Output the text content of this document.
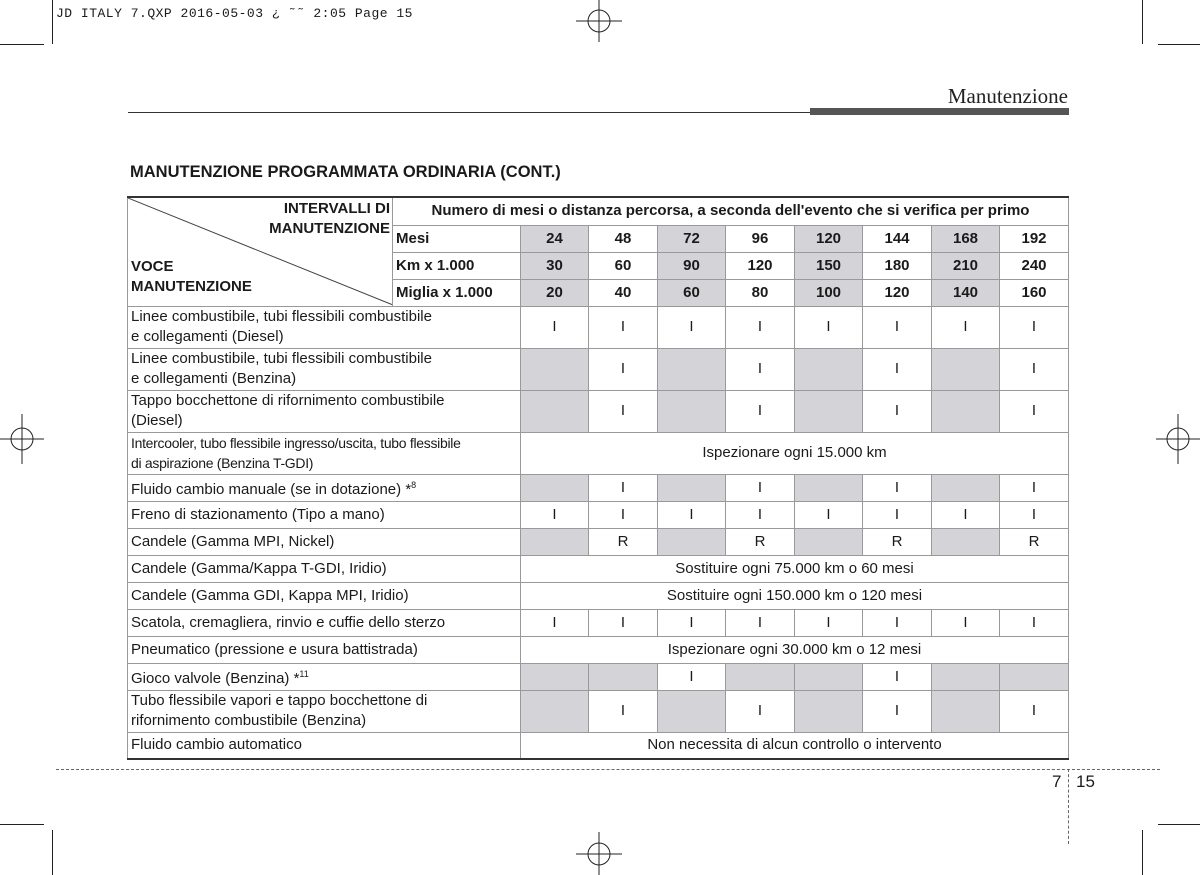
JD ITALY 7.QXP 2016-05-03 ¿ ˜˜ 2:05 Page 15
Manutenzione
MANUTENZIONE PROGRAMMATA ORDINARIA (CONT.)
INTERVALLI DI MANUTENZIONE
VOCE MANUTENZIONE	Numero di mesi o distanza percorsa, a seconda dell'evento che si verifica per primo								
	Mesi	24	48	72	96	120	144	168	192
	Km x 1.000	30	60	90	120	150	180	210	240
	Miglia x 1.000	20	40	60	80	100	120	140	160
Linee combustibile, tubi flessibili combustibile
e collegamenti (Diesel)		I	I	I	I	I	I	I	I
Linee combustibile, tubi flessibili combustibile
e collegamenti (Benzina)			I		I		I		I
Tappo bocchettone di rifornimento combustibile
(Diesel)			I		I		I		I
Intercooler, tubo flessibile ingresso/uscita, tubo flessibile
di aspirazione (Benzina T-GDI)		Ispezionare ogni 15.000 km							
Fluido cambio manuale (se in dotazione) *$^8$			I		I		I		I
Freno di stazionamento (Tipo a mano)		I	I	I	I	I	I	I	I
Candele (Gamma MPI, Nickel)			R		R		R		R
Candele (Gamma/Kappa T-GDI, Iridio)		Sostituire ogni 75.000 km o 60 mesi							
Candele (Gamma GDI, Kappa MPI, Iridio)		Sostituire ogni 150.000 km o 120 mesi							
Scatola, cremagliera, rinvio e cuffie dello sterzo		I	I	I	I	I	I	I	I
Pneumatico (pressione e usura battistrada)		Ispezionare ogni 30.000 km o 12 mesi							
Gioco valvole (Benzina) *$^{11}$				I			I		
Tubo flessibile vapori e tappo bocchettone di
rifornimento combustibile (Benzina)			I		I		I		I
Fluido cambio automatico		Non necessita di alcun controllo o intervento							
7 15
